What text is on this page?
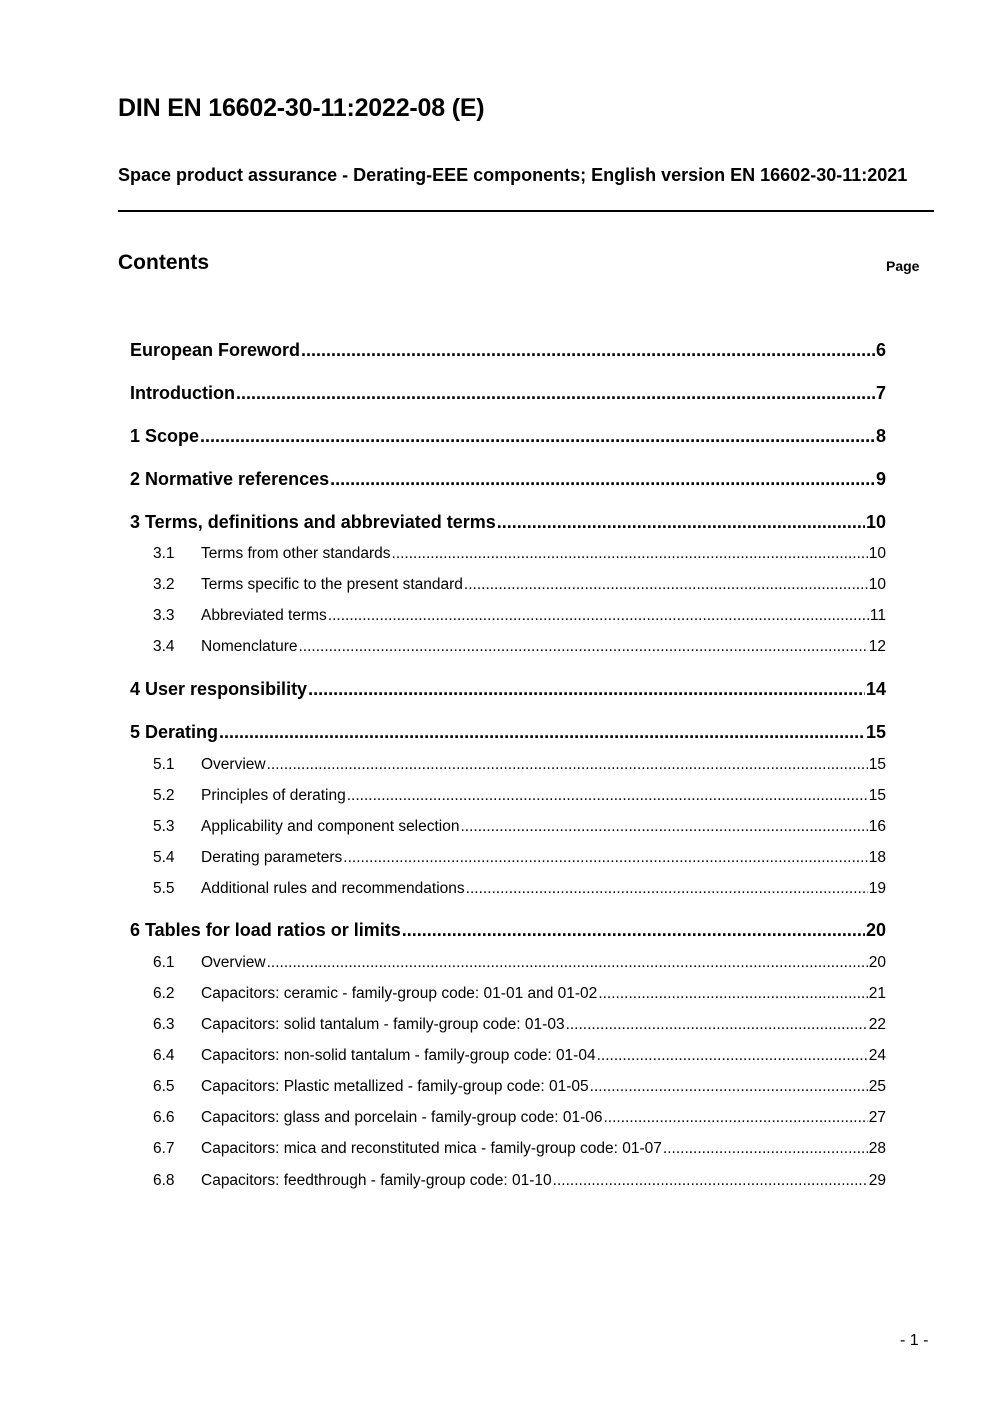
DIN EN 16602-30-11:2022-08 (E)
Space product assurance - Derating-EEE components; English version EN 16602-30-11:2021
Contents	Page
European Foreword .....	6
Introduction .....	7
1 Scope .....	8
2 Normative references .....	9
3 Terms, definitions and abbreviated terms .....	10
3.1	Terms from other standards .....	10
3.2	Terms specific to the present standard .....	10
3.3	Abbreviated terms .....	11
3.4	Nomenclature .....	12
4 User responsibility .....	14
5 Derating .....	15
5.1	Overview .....	15
5.2	Principles of derating .....	15
5.3	Applicability and component selection .....	16
5.4	Derating parameters .....	18
5.5	Additional rules and recommendations .....	19
6 Tables for load ratios or limits .....	20
6.1	Overview .....	20
6.2	Capacitors: ceramic - family-group code: 01-01 and 01-02 .....	21
6.3	Capacitors: solid tantalum - family-group code: 01-03 .....	22
6.4	Capacitors: non-solid tantalum - family-group code: 01-04 .....	24
6.5	Capacitors: Plastic metallized - family-group code: 01-05 .....	25
6.6	Capacitors: glass and porcelain - family-group code: 01-06 .....	27
6.7	Capacitors: mica and reconstituted mica - family-group code: 01-07 .....	28
6.8	Capacitors: feedthrough - family-group code: 01-10 .....	29
- 1 -
